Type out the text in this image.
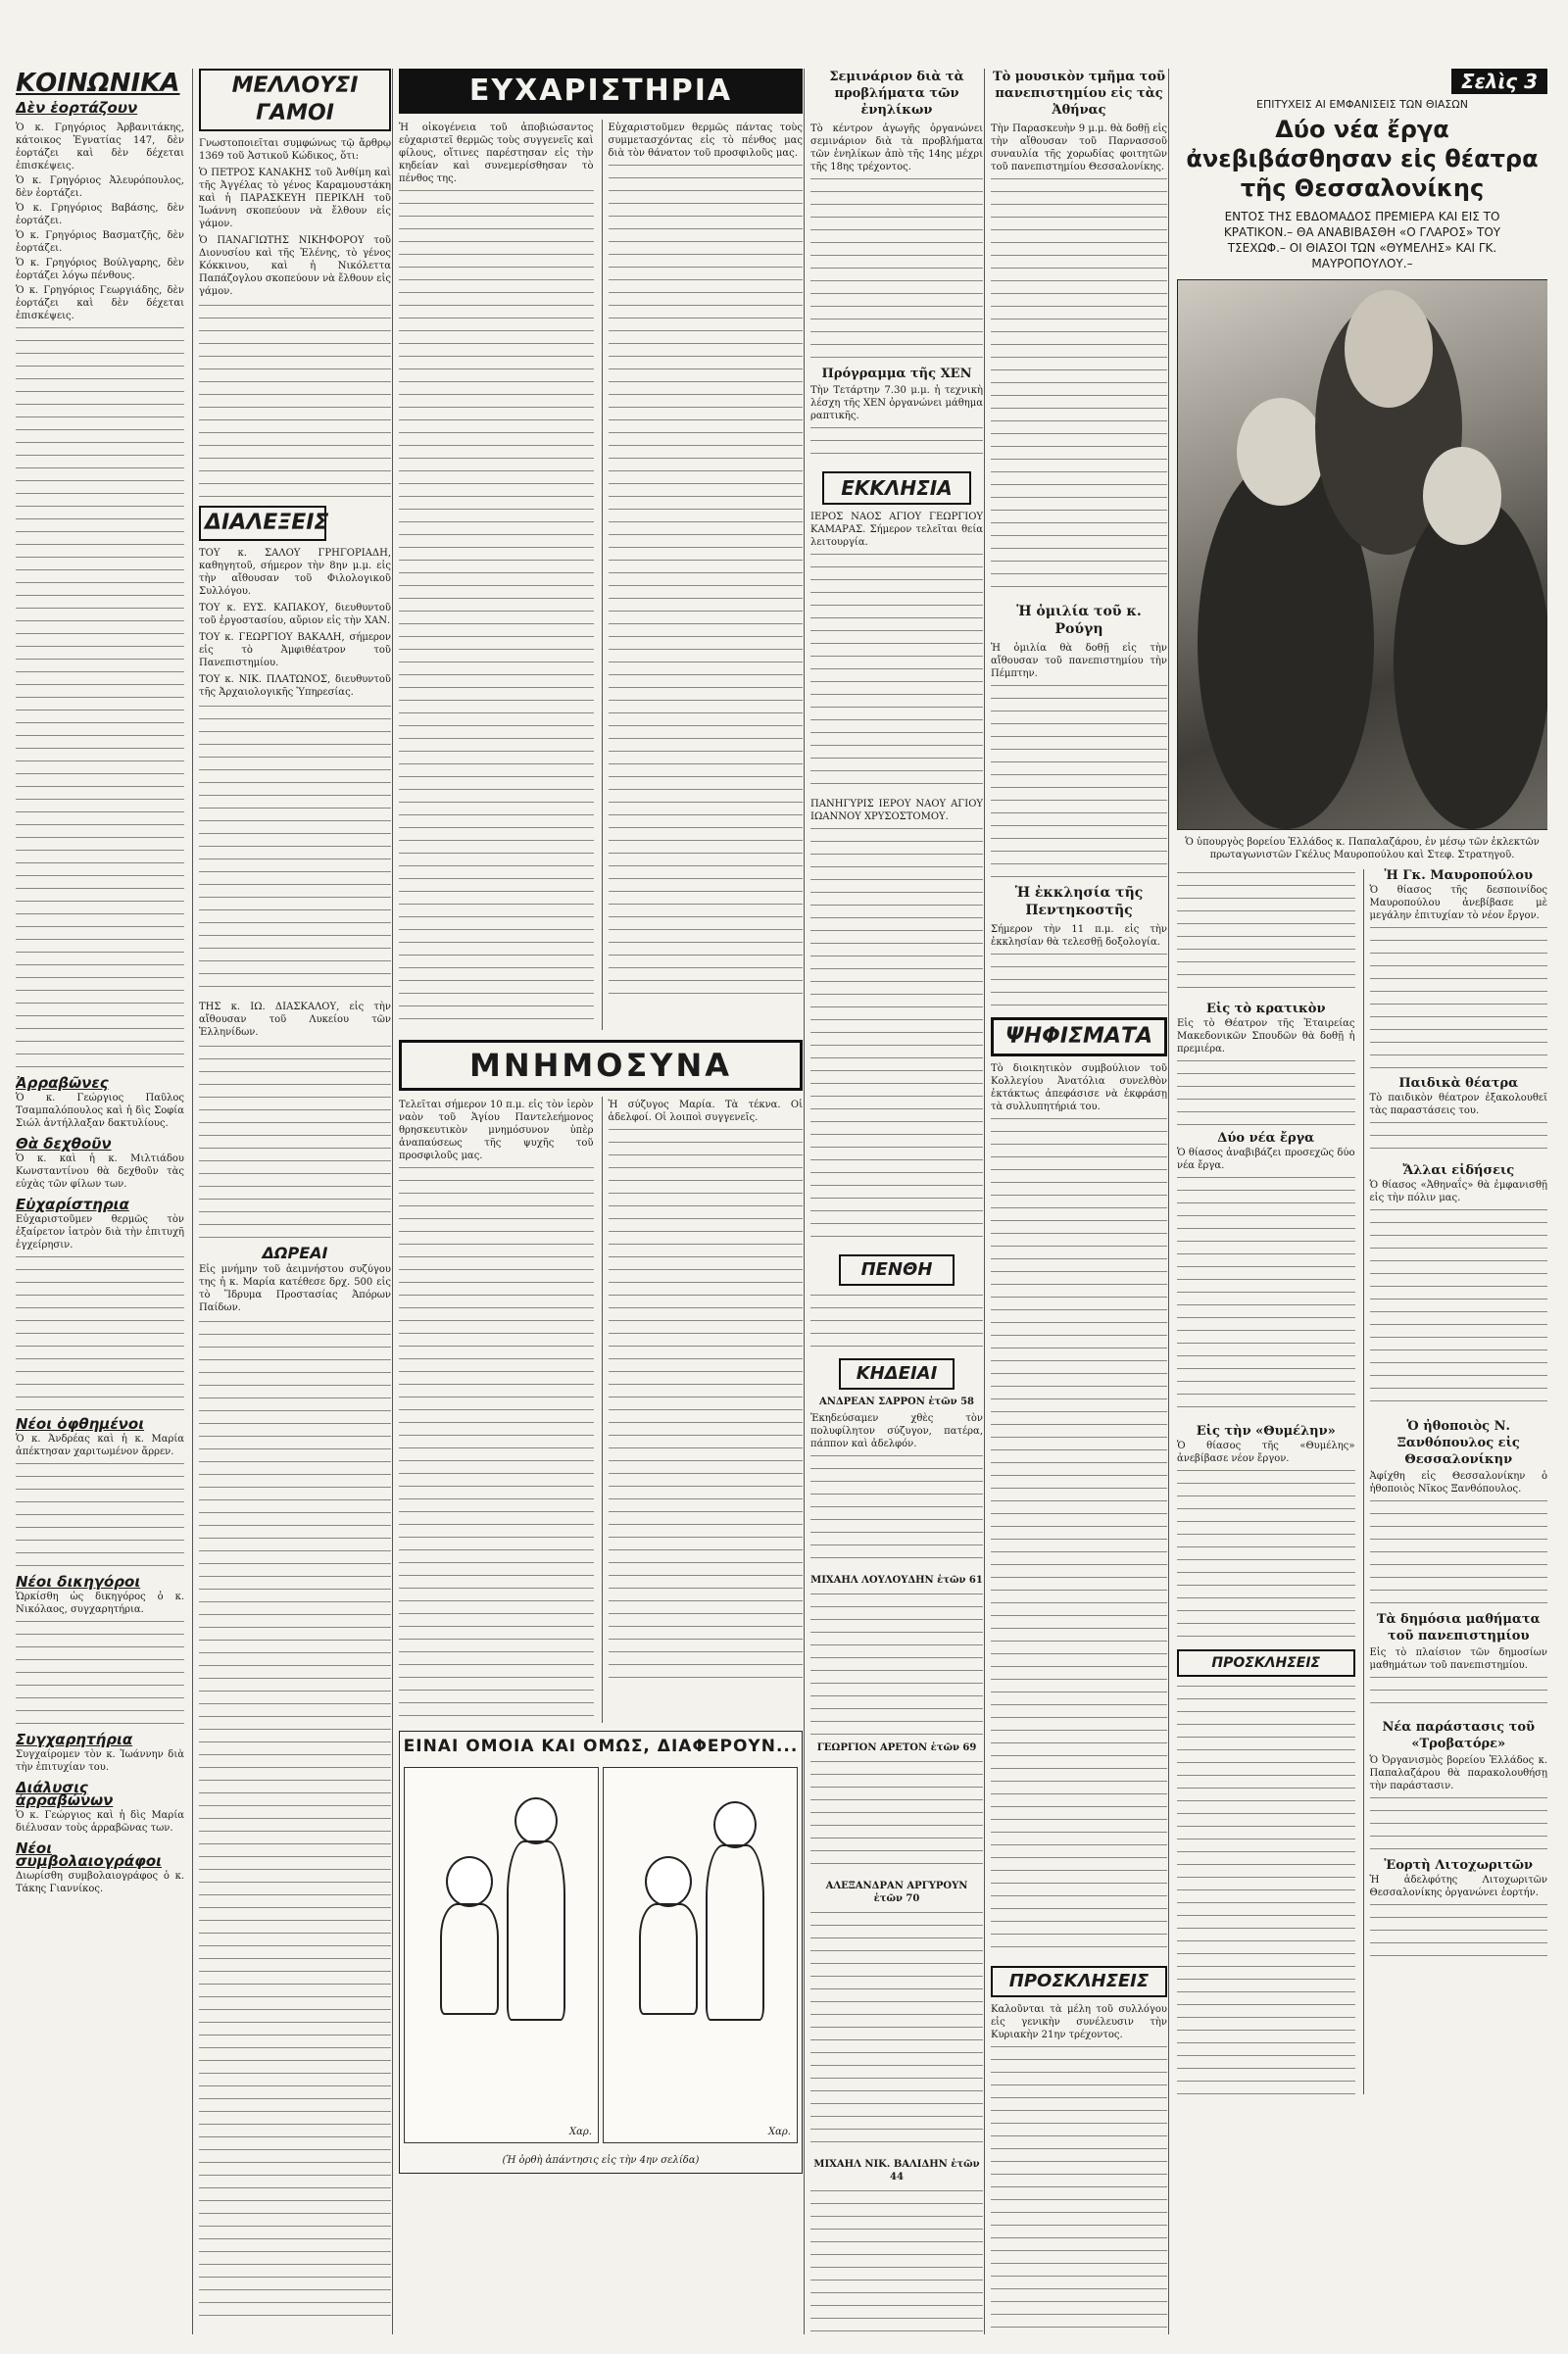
ΚΟΙΝΩΝΙΚΑ
Δὲν ἑορτάζουν

Ὁ κ. Γρηγόριος Ἀρβανιτάκης, κάτοικος Ἐγνατίας 147, δὲν ἑορτάζει καὶ δὲν δέχεται ἐπισκέψεις.

Ὁ κ. Γρηγόριος Ἀλευρόπουλος, δὲν ἑορτάζει.

Ὁ κ. Γρηγόριος Βαβάσης, δὲν ἑορτάζει.

Ὁ κ. Γρηγόριος Βασματζῆς, δὲν ἑορτάζει.

Ὁ κ. Γρηγόριος Βούλγαρης, δὲν ἑορτάζει λόγω πένθους.

Ὁ κ. Γρηγόριος Γεωργιάδης, δὲν ἑορτάζει καὶ δὲν δέχεται ἐπισκέψεις.

Ἀρραβῶνες

Ὁ κ. Γεώργιος Παῦλος Τσαμπαλόπουλος καὶ ἡ δὶς Σοφία Σιώλ ἀντήλλαξαν δακτυλίους.

Θὰ δεχθοῦν

Ὁ κ. καὶ ἡ κ. Μιλτιάδου Κωνσταντίνου θὰ δεχθοῦν τὰς εὐχὰς τῶν φίλων των.

Εὐχαρίστηρια

Εὐχαριστοῦμεν θερμῶς τὸν ἐξαίρετον ἰατρὸν διὰ τὴν ἐπιτυχῆ ἐγχείρησιν.

Νέοι ὀφθημένοι

Ὁ κ. Ἀνδρέας καὶ ἡ κ. Μαρία ἀπέκτησαν χαριτωμένον ἄρρεν.

Νέοι δικηγόροι

Ὡρκίσθη ὡς δικηγόρος ὁ κ. Νικόλαος, συγχαρητήρια.

Συγχαρητήρια

Συγχαίρομεν τὸν κ. Ἰωάννην διὰ τὴν ἐπιτυχίαν του.

Διάλυσις ἀρραβώνων

Ὁ κ. Γεώργιος καὶ ἡ δὶς Μαρία διέλυσαν τοὺς ἀρραβῶνας των.

Νέοι συμβολαιογράφοι

Διωρίσθη συμβολαιογράφος ὁ κ. Τάκης Γιαννίκος.

ΜΕΛΛΟΥΣΙ ΓΑΜΟΙ

Γνωστοποιεῖται συμφώνως τῷ ἄρθρῳ 1369 τοῦ Ἀστικοῦ Κώδικος, ὅτι:

Ὁ ΠΕΤΡΟΣ ΚΑΝΑΚΗΣ τοῦ Ἀνθίμη καὶ τῆς Ἀγγέλας τὸ γένος Καραμουστάκη καὶ ἡ ΠΑΡΑΣΚΕΥΗ ΠΕΡΙΚΛΗ τοῦ Ἰωάννη σκοπεύουν νὰ ἔλθουν εἰς γάμον.

Ὁ ΠΑΝΑΓΙΩΤΗΣ ΝΙΚΗΦΟΡΟΥ τοῦ Διονυσίου καὶ τῆς Ἑλένης, τὸ γένος Κόκκινου, καὶ ἡ Νικόλεττα Παπάζογλου σκοπεύουν νὰ ἔλθουν εἰς γάμον.

ΔΙΑΛΕΞΕΙΣ

ΤΟΥ κ. ΣΑΛΟΥ ΓΡΗΓΟΡΙΑΔΗ, καθηγητοῦ, σήμερον τὴν 8ην μ.μ. εἰς τὴν αἴθουσαν τοῦ Φιλολογικοῦ Συλλόγου.

ΤΟΥ κ. ΕΥΣ. ΚΑΠΑΚΟΥ, διευθυντοῦ τοῦ ἐργοστασίου, αὔριον εἰς τὴν ΧΑΝ.

ΤΟΥ κ. ΓΕΩΡΓΙΟΥ ΒΑΚΑΛΗ, σήμερον εἰς τὸ Ἀμφιθέατρον τοῦ Πανεπιστημίου.

ΤΟΥ κ. ΝΙΚ. ΠΛΑΤΩΝΟΣ, διευθυντοῦ τῆς Ἀρχαιολογικῆς Ὑπηρεσίας.

ΤΗΣ κ. ΙΩ. ΔΙΑΣΚΑΛΟΥ, εἰς τὴν αἴθουσαν τοῦ Λυκείου τῶν Ἑλληνίδων.

ΔΩΡΕΑΙ

Εἰς μνήμην τοῦ ἀειμνήστου συζύγου της ἡ κ. Μαρία κατέθεσε δρχ. 500 εἰς τὸ Ἵδρυμα Προστασίας Ἀπόρων Παίδων.

ΕΥΧΑΡΙΣΤΗΡΙΑ

Ἡ οἰκογένεια τοῦ ἀποβιώσαντος εὐχαριστεῖ θερμῶς τοὺς συγγενεῖς καὶ φίλους, οἵτινες παρέστησαν εἰς τὴν κηδείαν καὶ συνεμερίσθησαν τὸ πένθος της.

Εὐχαριστοῦμεν θερμῶς πάντας τοὺς συμμετασχόντας εἰς τὸ πένθος μας διὰ τὸν θάνατον τοῦ προσφιλοῦς μας.

ΜΝΗΜΟΣΥΝΑ

Τελεῖται σήμερον 10 π.μ. εἰς τὸν ἱερὸν ναὸν τοῦ Ἁγίου Παντελεήμονος θρησκευτικὸν μνημόσυνον ὑπὲρ ἀναπαύσεως τῆς ψυχῆς τοῦ προσφιλοῦς μας.

Ἡ σύζυγος Μαρία. Τὰ τέκνα. Οἱ ἀδελφοί. Οἱ λοιποὶ συγγενεῖς.

ΕΙΝΑΙ ΟΜΟΙΑ ΚΑΙ ΟΜΩΣ, ΔΙΑΦΕΡΟΥΝ...
Χαρ.	Χαρ.
(Ἡ ὀρθὴ ἀπάντησις εἰς τὴν 4ην σελίδα)
Σεμινάριον διὰ τὰ προβλήματα τῶν ἐνηλίκων

Τὸ κέντρον ἀγωγῆς ὀργανώνει σεμινάριον διὰ τὰ προβλήματα τῶν ἐνηλίκων ἀπὸ τῆς 14ης μέχρι τῆς 18ης τρέχοντος.

Πρόγραμμα τῆς ΧΕΝ

Τὴν Τετάρτην 7.30 μ.μ. ἡ τεχνικὴ λέσχη τῆς ΧΕΝ ὀργανώνει μάθημα ραπτικῆς.

ΕΚΚΛΗΣΙΑ

ΙΕΡΟΣ ΝΑΟΣ ΑΓΙΟΥ ΓΕΩΡΓΙΟΥ ΚΑΜΑΡΑΣ. Σήμερον τελεῖται θεία λειτουργία.

ΠΑΝΗΓΥΡΙΣ ΙΕΡΟΥ ΝΑΟΥ ΑΓΙΟΥ ΙΩΑΝΝΟΥ ΧΡΥΣΟΣΤΟΜΟΥ.

ΠΕΝΘΗ
ΚΗΔΕΙΑΙ
ΑΝΔΡΕΑΝ ΣΑΡΡΟΝ ἐτῶν 58

Ἐκηδεύσαμεν χθὲς τὸν πολυφίλητον σύζυγον, πατέρα, πάππον καὶ ἀδελφόν.

ΜΙΧΑΗΛ ΛΟΥΛΟΥΔΗΝ ἐτῶν 61
ΓΕΩΡΓΙΟΝ ΑΡΕΤΟΝ ἐτῶν 69
ΑΛΕΞΑΝΔΡΑΝ ΑΡΓΥΡΟΥΝ ἐτῶν 70
ΜΙΧΑΗΛ ΝΙΚ. ΒΑΛΙΔΗΝ ἐτῶν 44
Τὸ μουσικὸν τμῆμα τοῦ πανεπιστημίου εἰς τὰς Ἀθήνας

Τὴν Παρασκευὴν 9 μ.μ. θὰ δοθῇ εἰς τὴν αἴθουσαν τοῦ Παρνασσοῦ συναυλία τῆς χορωδίας φοιτητῶν τοῦ πανεπιστημίου Θεσσαλονίκης.

Ἡ ὁμιλία τοῦ κ. Ρούγη

Ἡ ὁμιλία θὰ δοθῇ εἰς τὴν αἴθουσαν τοῦ πανεπιστημίου τὴν Πέμπτην.

Ἡ ἐκκλησία τῆς Πεντηκοστῆς

Σήμερον τὴν 11 π.μ. εἰς τὴν ἐκκλησίαν θὰ τελεσθῇ δοξολογία.

ΨΗΦΙΣΜΑΤΑ

Τὸ διοικητικὸν συμβούλιον τοῦ Κολλεγίου Ἀνατόλια συνελθὸν ἐκτάκτως ἀπεφάσισε νὰ ἐκφράσῃ τὰ συλλυπητήριά του.

ΠΡΟΣΚΛΗΣΕΙΣ

Καλοῦνται τὰ μέλη τοῦ συλλόγου εἰς γενικὴν συνέλευσιν τὴν Κυριακὴν 21ην τρέχοντος.

Σελὶς 3
ΕΠΙΤΥΧΕΙΣ ΑΙ ΕΜΦΑΝΙΣΕΙΣ ΤΩΝ ΘΙΑΣΩΝ
Δύο νέα ἔργα ἀνεβιβάσθησαν εἰς θέατρα τῆς Θεσσαλονίκης
ΕΝΤΟΣ ΤΗΣ ΕΒΔΟΜΑΔΟΣ ΠΡΕΜΙΕΡΑ ΚΑΙ ΕΙΣ ΤΟ ΚΡΑΤΙΚΟΝ.– ΘΑ ΑΝΑΒΙΒΑΣΘΗ «Ο ΓΛΑΡΟΣ» ΤΟΥ ΤΣΕΧΩΦ.– ΟΙ ΘΙΑΣΟΙ ΤΩΝ «ΘΥΜΕΛΗΣ» ΚΑΙ ΓΚ. ΜΑΥΡΟΠΟΥΛΟΥ.–
Ὁ ὑπουργὸς βορείου Ἑλλάδος κ. Παπαλαζάρου, ἐν μέσῳ τῶν ἐκλεκτῶν πρωταγωνιστῶν Γκέλυς Μαυροπούλου καὶ Στεφ. Στρατηγοῦ.
Εἰς τὸ κρατικὸν

Εἰς τὸ Θέατρον τῆς Ἑταιρείας Μακεδονικῶν Σπουδῶν θὰ δοθῇ ἡ πρεμιέρα.

Δύο νέα ἔργα

Ὁ θίασος ἀναβιβάζει προσεχῶς δύο νέα ἔργα.

Εἰς τὴν «Θυμέλην»

Ὁ θίασος τῆς «Θυμέλης» ἀνεβίβασε νέον ἔργον.

ΠΡΟΣΚΛΗΣΕΙΣ
Ἡ Γκ. Μαυροπούλου

Ὁ θίασος τῆς δεσποινίδος Μαυροπούλου ἀνεβίβασε μὲ μεγάλην ἐπιτυχίαν τὸ νέον ἔργον.

Παιδικὰ θέατρα

Τὸ παιδικὸν θέατρον ἐξακολουθεῖ τὰς παραστάσεις του.

Ἄλλαι εἰδήσεις

Ὁ θίασος «Ἀθηναΐς» θὰ ἐμφανισθῇ εἰς τὴν πόλιν μας.

Ὁ ἠθοποιὸς Ν. Ξανθόπουλος εἰς Θεσσαλονίκην

Ἀφίχθη εἰς Θεσσαλονίκην ὁ ἠθοποιὸς Νῖκος Ξανθόπουλος.

Τὰ δημόσια μαθήματα τοῦ πανεπιστημίου

Εἰς τὸ πλαίσιον τῶν δημοσίων μαθημάτων τοῦ πανεπιστημίου.

Νέα παράστασις τοῦ «Τροβατόρε»

Ὁ Ὀργανισμὸς βορείου Ἑλλάδος κ. Παπαλαζάρου θὰ παρακολουθήσῃ τὴν παράστασιν.

Ἑορτὴ Λιτοχωριτῶν

Ἡ ἀδελφότης Λιτοχωριτῶν Θεσσαλονίκης ὀργανώνει ἑορτήν.
